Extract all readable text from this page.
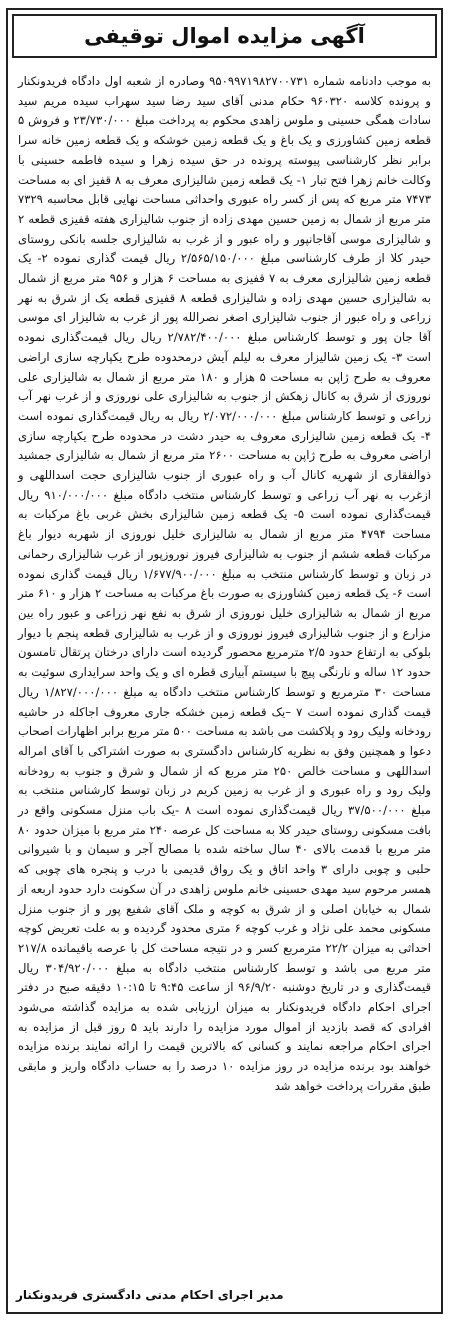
آگهی مزایده اموال توقیفی

به موجب دادنامه شماره ۹۵۰۹۹۷۱۹۸۲۷۰۰۷۳۱ وصادره از شعبه اول دادگاه فریدونکنار و پرونده کلاسه ۹۶۰۳۲۰ حکام مدنی آقای سید رضا سید سهراب سیده مریم سید سادات همگی حسینی و ملوس زاهدی محکوم به پرداخت مبلغ ۲۳/۷۳۰/۰۰۰ و فروش ۵ قطعه زمین کشاورزی و یک باغ و یک قطعه زمین خوشکه و یک قطعه زمین خانه سرا برابر نظر کارشناسی پیوسته پرونده در حق سیده زهرا و سیده فاطمه حسینی با وکالت خانم زهرا فتح تبار ۱- یک قطعه زمین شالیزاری معرف به ۸ قفیز ای به مساحت ۷۴۷۳ متر مربع که پس از کسر راه عبوری واحداثی مساحت نهایی قابل محاسبه ۷۳۲۹ متر مربع از شمال به زمین حسین مهدی زاده از جنوب شالیزاری هفته قفیزی قطعه ۲ و شالیزاری موسی آقاجانپور و راه عبور و از غرب به شالیزاری جلسه بانکی روستای حیدر کلا از طرف کارشناسی مبلغ ۲/۵۶۵/۱۵۰/۰۰۰ ریال قیمت گذاری نموده ۲- یک قطعه زمین شالیزاری معرف به ۷ قفیزی به مساحت ۶ هزار و ۹۵۶ متر مربع از شمال به شالیزاری حسین مهدی زاده و شالیزاری قطعه ۸ قفیزی قطعه یک از شرق به نهر زراعی و راه عبور از جنوب شالیزاری اصغر نصرالله پور از غرب به شالیزار ای موسی آقا جان پور و توسط کارشناس مبلغ ۲/۷۸۲/۴۰۰/۰۰۰ ریال ریال قیمت‌گذاری نموده است ۳- یک زمین شالیزار معرف به لیلم آیش درمحدوده طرح یکپارچه سازی اراضی معروف به طرح ژاپن به مساحت ۵ هزار و ۱۸۰ متر مربع از شمال به شالیزاری علی نوروزی از شرق به کانال زهکش از جنوب به شالیزاری علی نوروزی و از غرب نهر آب زراعی و توسط کارشناس مبلغ ۲/۰۷۲/۰۰۰/۰۰۰ ریال به ریال قیمت‌گذاری نموده است ۴- یک قطعه زمین شالیزاری معروف به حیدر دشت در محدوده طرح یکپارچه سازی اراضی معروف به طرح ژاپن به مساحت ۲۶۰۰ متر مربع از شمال به شالیزاری جمشید ذوالفقاری از شهریه کانال آب و راه عبوری از جنوب شالیزاری حجت اسداللهی و ازغرب به نهر آب زراعی و توسط کارشناس منتخب دادگاه مبلغ ۹۱۰/۰۰۰/۰۰۰ ریال قیمت‌گذاری نموده است ۵- یک قطعه زمین شالیزاری بخش غربی باغ مرکبات به مساحت ۴۷۹۴ متر مربع از شمال به شالیزاری خلیل نوروزی از شهربه دیوار باغ مرکبات قطعه ششم از جنوب به شالیزاری فیروز نوروزپور از غرب شالیزاری رحمانی در زبان و توسط کارشناس منتخب به مبلغ ۱/۶۷۷/۹۰۰/۰۰۰ ریال قیمت گذاری نموده است ۶- یک قطعه زمین کشاورزی به صورت باغ مرکبات به مساحت ۲ هزار و ۶۱۰ متر مربع از شمال به شالیزاری خلیل نوروزی از شرق به نفع نهر زراعی و عبور راه بین مزارع و از جنوب شالیزاری فیروز نوروزی و از غرب به شالیزاری قطعه پنجم با دیوار بلوکی به ارتفاع حدود ۲/۵ مترمربع محصور گردیده است دارای درختان پرتقال تامسون حدود ۱۲ ساله و نارنگی پیچ با سیستم آبیاری قطره ای و یک واحد سرایداری سوئیت به مساحت ۳۰ مترمربع و توسط کارشناس منتخب دادگاه به مبلغ ۱/۸۲۷/۰۰۰/۰۰۰ ریال قیمت گذاری نموده است ۷ –یک قطعه زمین خشکه جاری معروف اجاکله در حاشیه رودخانه ولیک رود و پلاکشت می باشد به مساحت ۵۰۰ متر مربع برابر اظهارات اصحاب دعوا و همچنین وفق به نظریه کارشناس دادگستری به صورت اشتراکی با آقای امراله اسداللهی و مساحت خالص ۲۵۰ متر مربع که از شمال و شرق و جنوب به رودخانه ولیک رود و راه عبوری و از غرب به زمین کریم در زبان توسط کارشناس منتخب به مبلغ ۳۷/۵۰۰/۰۰۰ ریال قیمت‌گذاری نموده است ۸ -یک باب منزل مسکونی واقع در بافت مسکونی روستای حیدر کلا به مساحت کل عرصه ۲۴۰ متر مربع با میزان حدود ۸۰ متر مربع با قدمت بالای ۴۰ سال ساخته شده با مصالح آجر و سیمان و با شیروانی حلبی و چوبی دارای ۳ واحد اتاق و یک رواق قدیمی با درب و پنجره های چوبی که همسر مرحوم سید مهدی حسینی خانم ملوس زاهدی در آن سکونت دارد حدود اربعه از شمال به خیابان اصلی و از شرق به کوچه و ملک آقای شفیع پور و از جنوب منزل مسکونی محمد علی نژاد و غرب کوچه ۶ متری محدود گردیده و به علت تعریض کوچه احداثی به میزان ۲۲/۲ مترمربع کسر و در نتیجه مساحت کل با عرصه باقیمانده ۲۱۷/۸ متر مربع می باشد و توسط کارشناس منتخب دادگاه به مبلغ ۳۰۴/۹۲۰/۰۰۰ ریال قیمت‌گذاری و در تاریخ دوشنبه ۹۶/۹/۲۰ از ساعت ۹:۴۵ تا ۱۰:۱۵ دقیقه صبح در دفتر اجرای احکام دادگاه فریدونکنار به میزان ارزیابی شده به مزایده گذاشته می‌شود افرادی که قصد بازدید از اموال مورد مزایده را دارند باید ۵ روز قبل از مزایده به اجرای احکام مراجعه نمایند و کسانی که بالاترین قیمت را ارائه نمایند برنده مزایده خواهند بود برنده مزایده در روز مزایده ۱۰ درصد را به حساب دادگاه واریز و مابقی طبق مقررات پرداخت خواهد شد

مدیر اجرای احکام مدنی دادگستری فریدونکنار
